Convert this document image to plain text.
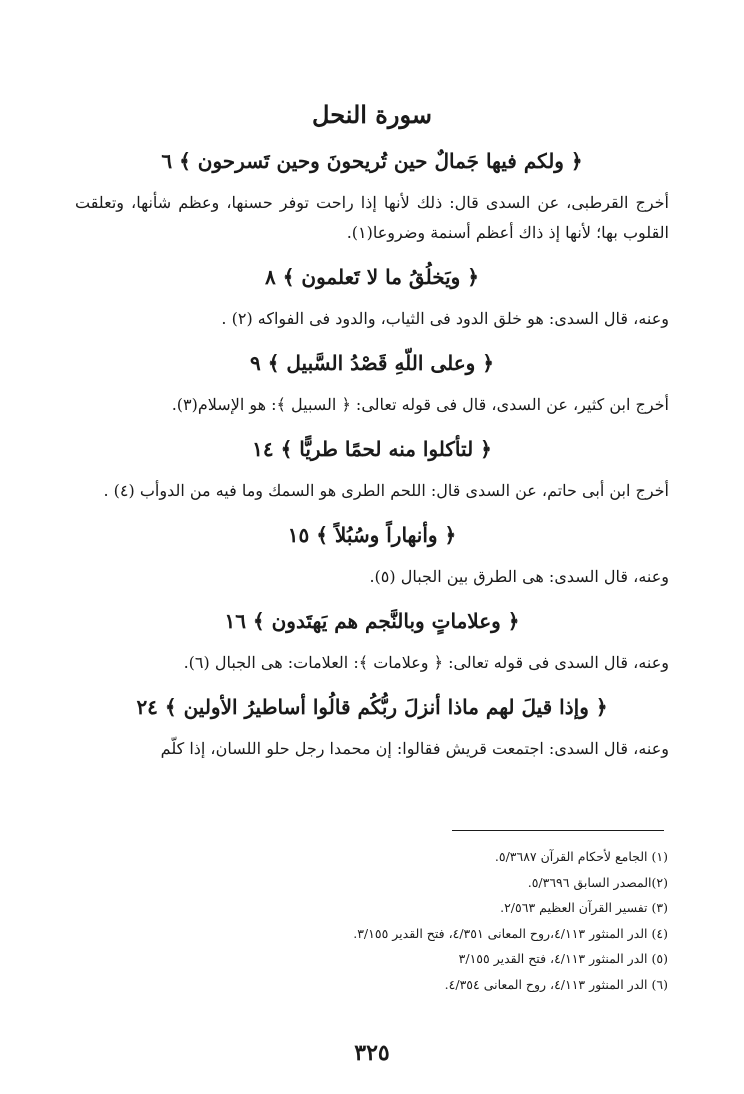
سورة النحل
﴿ ولكم فيها جَمالٌ حين تُريحونَ وحين تَسرحون ﴾ ٦

أخرج القرطبى، عن السدى قال: ذلك لأنها إذا راحت توفر حسنها، وعظم شأنها، وتعلقت القلوب بها؛ لأنها إذ ذاك أعظم أسنمة وضروعا(١).

﴿ ويَخلُقُ ما لا تَعلمون ﴾ ٨

وعنه، قال السدى: هو خلق الدود فى الثياب، والدود فى الفواكه (٢) .

﴿ وعلى اللّهِ قَصْدُ السَّبيل ﴾ ٩

أخرج ابن كثير، عن السدى، قال فى قوله تعالى: ﴿ السبيل ﴾: هو الإسلام(٣).

﴿ لتأكلوا منه لحمًا طريًّا ﴾ ١٤

أخرج ابن أبى حاتم، عن السدى قال: اللحم الطرى هو السمك وما فيه من الدوأب (٤) .

﴿ وأنهاراً وسُبُلاً ﴾ ١٥

وعنه، قال السدى: هى الطرق بين الجبال (٥).

﴿ وعلاماتٍ وبالنَّجم هم يَهتَدون ﴾ ١٦

وعنه، قال السدى فى قوله تعالى: ﴿ وعلامات ﴾: العلامات: هى الجبال (٦).

﴿ وإذا قيلَ لهم ماذا أنزلَ ربُّكُم قالُوا أساطيرُ الأولين ﴾ ٢٤

وعنه، قال السدى: اجتمعت قريش فقالوا: إن محمدا رجل حلو اللسان، إذا كلّم

(١) الجامع لأحكام القرآن ٥/٣٦٨٧.
(٢)المصدر السابق ٥/٣٦٩٦.
(٣) تفسير القرآن العظيم ٢/٥٦٣.
(٤) الدر المنثور ٤/١١٣،روح المعانى ٤/٣٥١، فتح القدير ٣/١٥٥.
(٥) الدر المنثور ٤/١١٣، فتح القدير ٣/١٥٥
(٦) الدر المنثور ٤/١١٣، روح المعانى ٤/٣٥٤.
٣٢٥
